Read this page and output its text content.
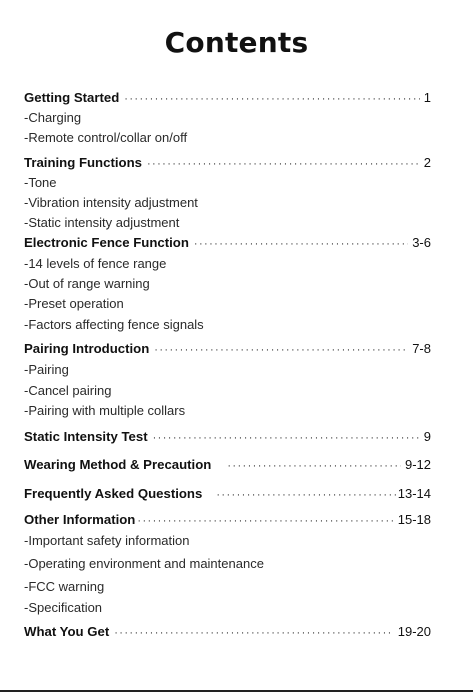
Contents
Getting Started ·····	1
-Charging
-Remote control/collar on/off
Training Functions ·····	2
-Tone
-Vibration intensity adjustment
-Static intensity adjustment
Electronic Fence Function ·····	3-6
-14 levels of fence range
-Out of range warning
-Preset operation
-Factors affecting fence signals
Pairing Introduction ·····	7-8
-Pairing
-Cancel pairing
-Pairing with multiple collars
Static Intensity Test ·····	9
Wearing Method & Precaution ·····	9-12
Frequently Asked Questions ·····	13-14
Other Information ·····	15-18
-Important safety information
-Operating environment and maintenance
-FCC warning
-Specification
What You Get ·····	19-20
